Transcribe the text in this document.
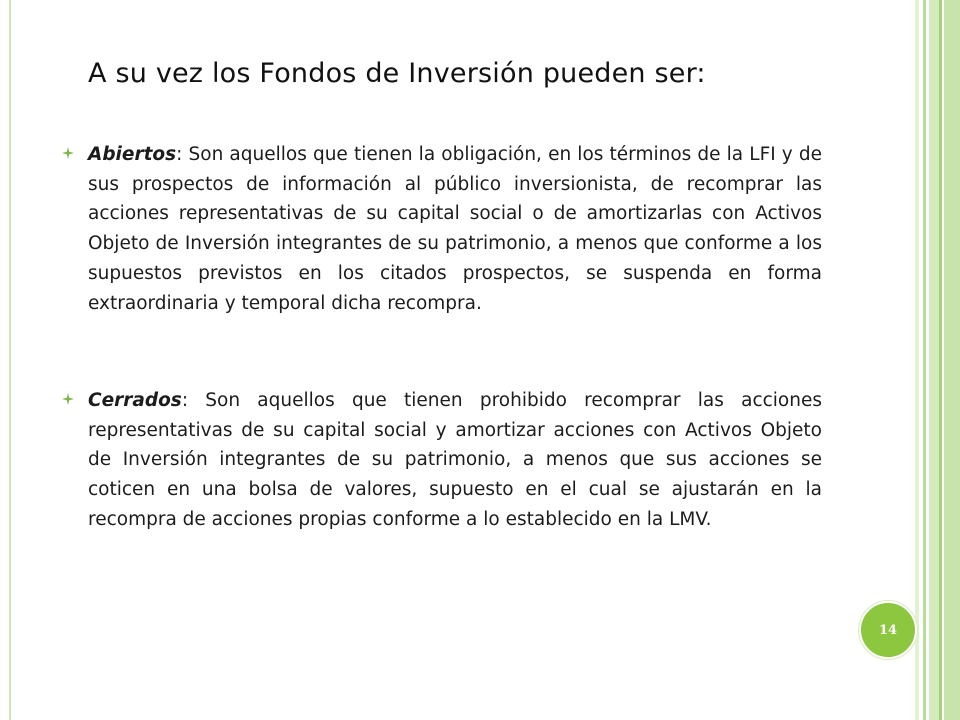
A su vez los Fondos de Inversión pueden ser:

Abiertos: Son aquellos que tienen la obligación, en los términos de la LFI y de sus prospectos de información al público inversionista, de recomprar las acciones representativas de su capital social o de amortizarlas con Activos Objeto de Inversión integrantes de su patrimonio, a menos que conforme a los supuestos previstos en los citados prospectos, se suspenda en forma extraordinaria y temporal dicha recompra.

Cerrados: Son aquellos que tienen prohibido recomprar las acciones representativas de su capital social y amortizar acciones con Activos Objeto de Inversión integrantes de su patrimonio, a menos que sus acciones se coticen en una bolsa de valores, supuesto en el cual se ajustarán en la recompra de acciones propias conforme a lo establecido en la LMV.

14
